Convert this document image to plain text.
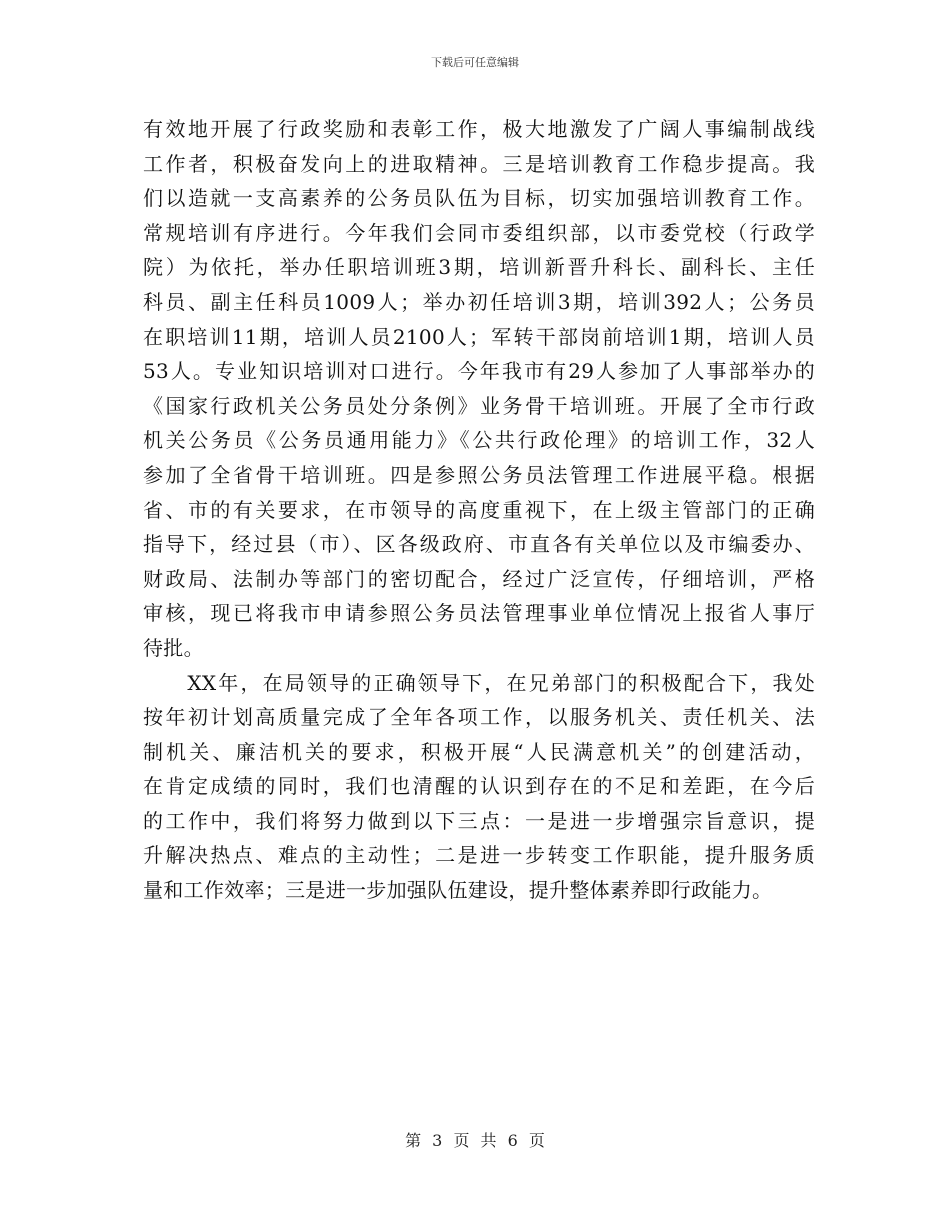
下载后可任意编辑
有效地开展了行政奖励和表彰工作，极大地激发了广阔人事编制战线
工作者，积极奋发向上的进取精神。三是培训教育工作稳步提高。我
们以造就一支高素养的公务员队伍为目标，切实加强培训教育工作。
常规培训有序进行。今年我们会同市委组织部，以市委党校（行政学
院）为依托，举办任职培训班3期，培训新晋升科长、副科长、主任
科员、副主任科员1009人；举办初任培训3期，培训392人；公务员
在职培训11期，培训人员2100人；军转干部岗前培训1期，培训人员
53人。专业知识培训对口进行。今年我市有29人参加了人事部举办的
《国家行政机关公务员处分条例》业务骨干培训班。开展了全市行政
机关公务员《公务员通用能力》《公共行政伦理》的培训工作，32人
参加了全省骨干培训班。四是参照公务员法管理工作进展平稳。根据
省、市的有关要求，在市领导的高度重视下，在上级主管部门的正确
指导下，经过县（市）、区各级政府、市直各有关单位以及市编委办、
财政局、法制办等部门的密切配合，经过广泛宣传，仔细培训，严格
审核，现已将我市申请参照公务员法管理事业单位情况上报省人事厅
待批。
　　XX年，在局领导的正确领导下，在兄弟部门的积极配合下，我处
按年初计划高质量完成了全年各项工作，以服务机关、责任机关、法
制机关、廉洁机关的要求，积极开展“人民满意机关”的创建活动，
在肯定成绩的同时，我们也清醒的认识到存在的不足和差距，在今后
的工作中，我们将努力做到以下三点：一是进一步增强宗旨意识，提
升解决热点、难点的主动性；二是进一步转变工作职能，提升服务质
量和工作效率；三是进一步加强队伍建设，提升整体素养即行政能力。
第 3 页 共 6 页
